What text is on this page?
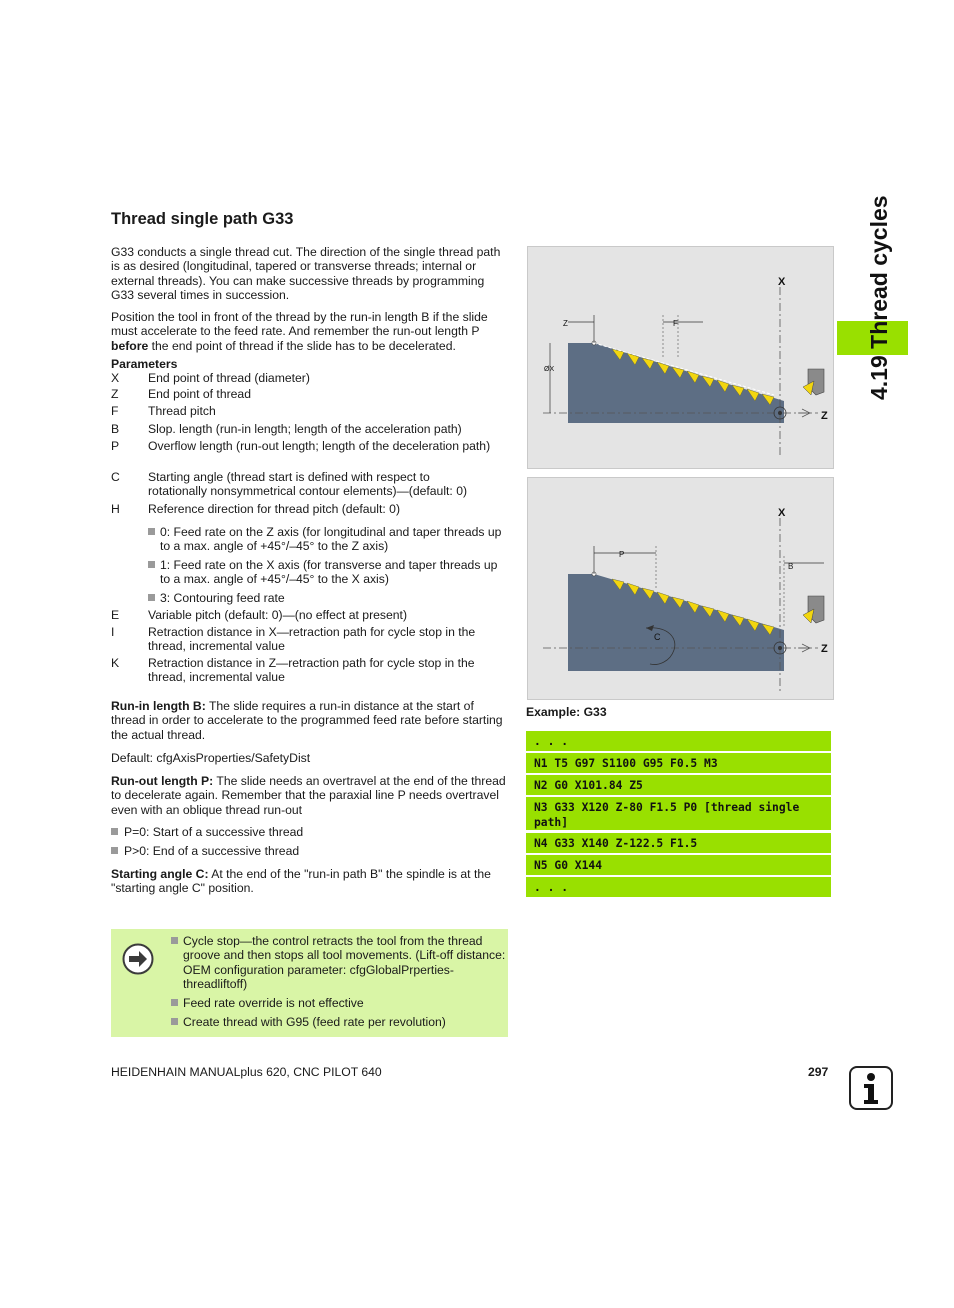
Thread single path G33

G33 conducts a single thread cut. The direction of the single thread path is as desired (longitudinal, tapered or transverse threads; internal or external threads). You can make successive threads by programming G33 several times in succession.

Position the tool in front of the thread by the run-in length B if the slide must accelerate to the feed rate. And remember the run-out length P before the end point of thread if the slide has to be decelerated.

Parameters
X	End point of thread (diameter)
Z	End point of thread
F	Thread pitch
B	Slop. length (run-in length; length of the acceleration path)
P	Overflow length (run-out length; length of the deceleration path)
C	Starting angle (thread start is defined with respect to rotationally nonsymmetrical contour elements)—(default: 0)
H	Reference direction for thread pitch (default: 0)
0: Feed rate on the Z axis (for longitudinal and taper threads up to a max. angle of +45°/–45° to the Z axis)
1: Feed rate on the X axis (for transverse and taper threads up to a max. angle of +45°/–45° to the X axis)
3: Contouring feed rate
E	Variable pitch (default: 0)—(no effect at present)
I	Retraction distance in X—retraction path for cycle stop in the thread, incremental value
K	Retraction distance in Z—retraction path for cycle stop in the thread, incremental value

Run-in length B: The slide requires a run-in distance at the start of thread in order to accelerate to the programmed feed rate before starting the actual thread.

Default: cfgAxisProperties/SafetyDist

Run-out length P: The slide needs an overtravel at the end of the thread to decelerate again. Remember that the paraxial line P needs overtravel even with an oblique thread run-out

P=0: Start of a successive thread
P>0: End of a successive thread

Starting angle C: At the end of the "run-in path B" the spindle is at the "starting angle C" position.

Cycle stop—the control retracts the tool from the thread groove and then stops all tool movements. (Lift-off distance: OEM configuration parameter: cfgGlobalPrperties-threadliftoff)
Feed rate override is not effective
Create thread with G95 (feed rate per revolution)
4.19 Thread cycles
X
Z
Z	F
ØX
X
Z
P
B
C
Example: G33
. . .
N1 T5 G97 S1100 G95 F0.5 M3
N2 G0 X101.84 Z5
N3 G33 X120 Z-80 F1.5 P0 [thread single path]
N4 G33 X140 Z-122.5 F1.5
N5 G0 X144
. . .
HEIDENHAIN MANUALplus 620, CNC PILOT 640	297
